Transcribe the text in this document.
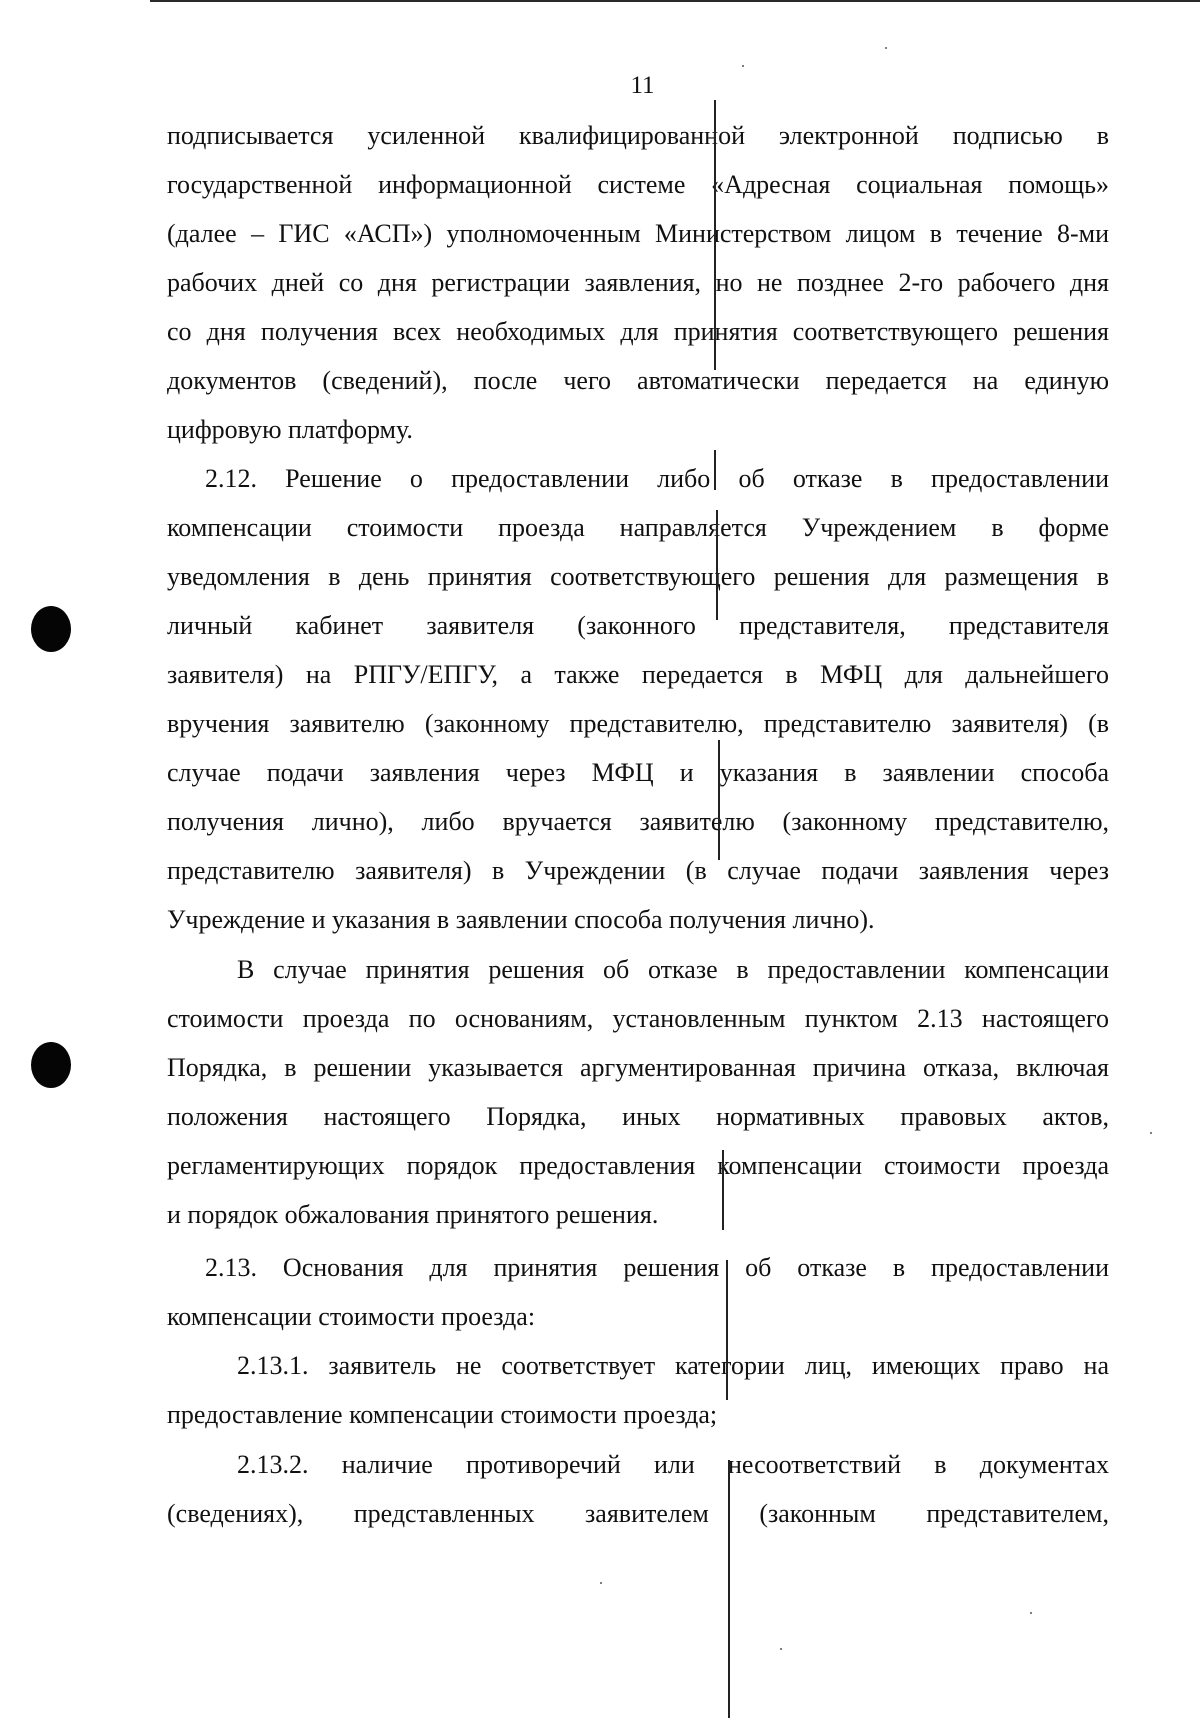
11
подписывается усиленной квалифицированной электронной подписью в
государственной информационной системе «Адресная социальная помощь»
(далее – ГИС «АСП») уполномоченным Министерством лицом в течение 8-ми
рабочих дней со дня регистрации заявления, но не позднее 2-го рабочего дня
со дня получения всех необходимых для принятия соответствующего решения
документов (сведений), после чего автоматически передается на единую
цифровую платформу.
2.12. Решение о предоставлении либо об отказе в предоставлении
компенсации стоимости проезда направляется Учреждением в форме
уведомления в день принятия соответствующего решения для размещения в
личный кабинет заявителя (законного представителя, представителя
заявителя) на РПГУ/ЕПГУ, а также передается в МФЦ для дальнейшего
вручения заявителю (законному представителю, представителю заявителя) (в
случае подачи заявления через МФЦ и указания в заявлении способа
получения лично), либо вручается заявителю (законному представителю,
представителю заявителя) в Учреждении (в случае подачи заявления через
Учреждение и указания в заявлении способа получения лично).
В случае принятия решения об отказе в предоставлении компенсации
стоимости проезда по основаниям, установленным пунктом 2.13 настоящего
Порядка, в решении указывается аргументированная причина отказа, включая
положения настоящего Порядка, иных нормативных правовых актов,
регламентирующих порядок предоставления компенсации стоимости проезда
и порядок обжалования принятого решения.
2.13. Основания для принятия решения об отказе в предоставлении
компенсации стоимости проезда:
2.13.1. заявитель не соответствует категории лиц, имеющих право на
предоставление компенсации стоимости проезда;
2.13.2. наличие противоречий или несоответствий в документах
(сведениях), представленных заявителем (законным представителем,
